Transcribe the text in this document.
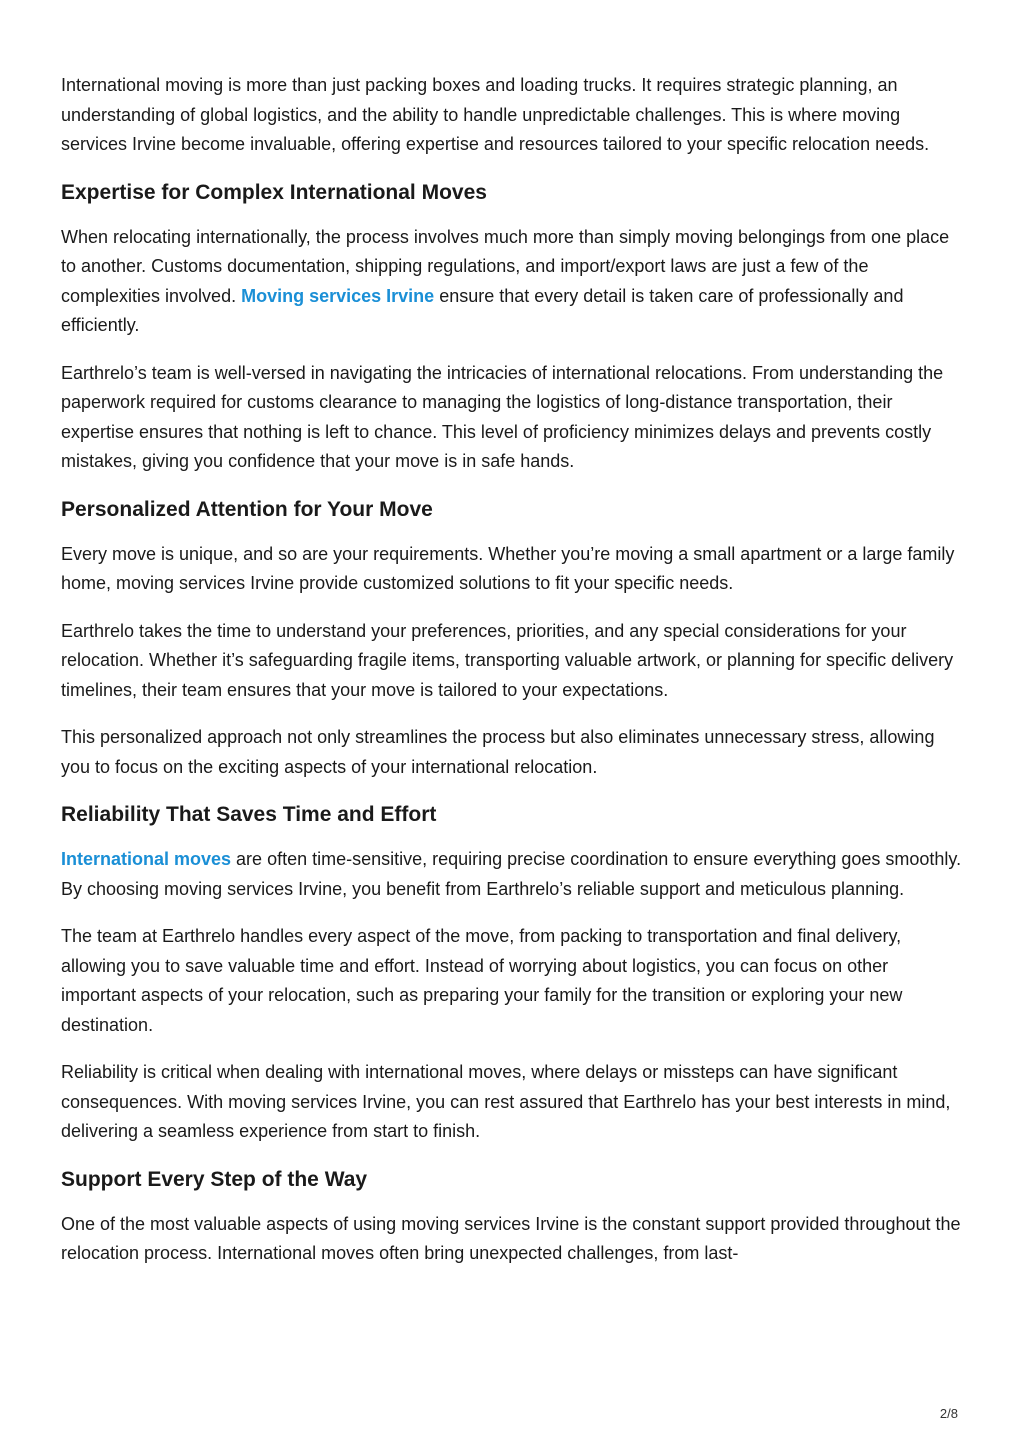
International moving is more than just packing boxes and loading trucks. It requires strategic planning, an understanding of global logistics, and the ability to handle unpredictable challenges. This is where moving services Irvine become invaluable, offering expertise and resources tailored to your specific relocation needs.

Expertise for Complex International Moves

When relocating internationally, the process involves much more than simply moving belongings from one place to another. Customs documentation, shipping regulations, and import/export laws are just a few of the complexities involved. Moving services Irvine ensure that every detail is taken care of professionally and efficiently.

Earthrelo’s team is well-versed in navigating the intricacies of international relocations. From understanding the paperwork required for customs clearance to managing the logistics of long-distance transportation, their expertise ensures that nothing is left to chance. This level of proficiency minimizes delays and prevents costly mistakes, giving you confidence that your move is in safe hands.

Personalized Attention for Your Move

Every move is unique, and so are your requirements. Whether you’re moving a small apartment or a large family home, moving services Irvine provide customized solutions to fit your specific needs.

Earthrelo takes the time to understand your preferences, priorities, and any special considerations for your relocation. Whether it’s safeguarding fragile items, transporting valuable artwork, or planning for specific delivery timelines, their team ensures that your move is tailored to your expectations.

This personalized approach not only streamlines the process but also eliminates unnecessary stress, allowing you to focus on the exciting aspects of your international relocation.

Reliability That Saves Time and Effort

International moves are often time-sensitive, requiring precise coordination to ensure everything goes smoothly. By choosing moving services Irvine, you benefit from Earthrelo’s reliable support and meticulous planning.

The team at Earthrelo handles every aspect of the move, from packing to transportation and final delivery, allowing you to save valuable time and effort. Instead of worrying about logistics, you can focus on other important aspects of your relocation, such as preparing your family for the transition or exploring your new destination.

Reliability is critical when dealing with international moves, where delays or missteps can have significant consequences. With moving services Irvine, you can rest assured that Earthrelo has your best interests in mind, delivering a seamless experience from start to finish.

Support Every Step of the Way

One of the most valuable aspects of using moving services Irvine is the constant support provided throughout the relocation process. International moves often bring unexpected challenges, from last-

2/8
